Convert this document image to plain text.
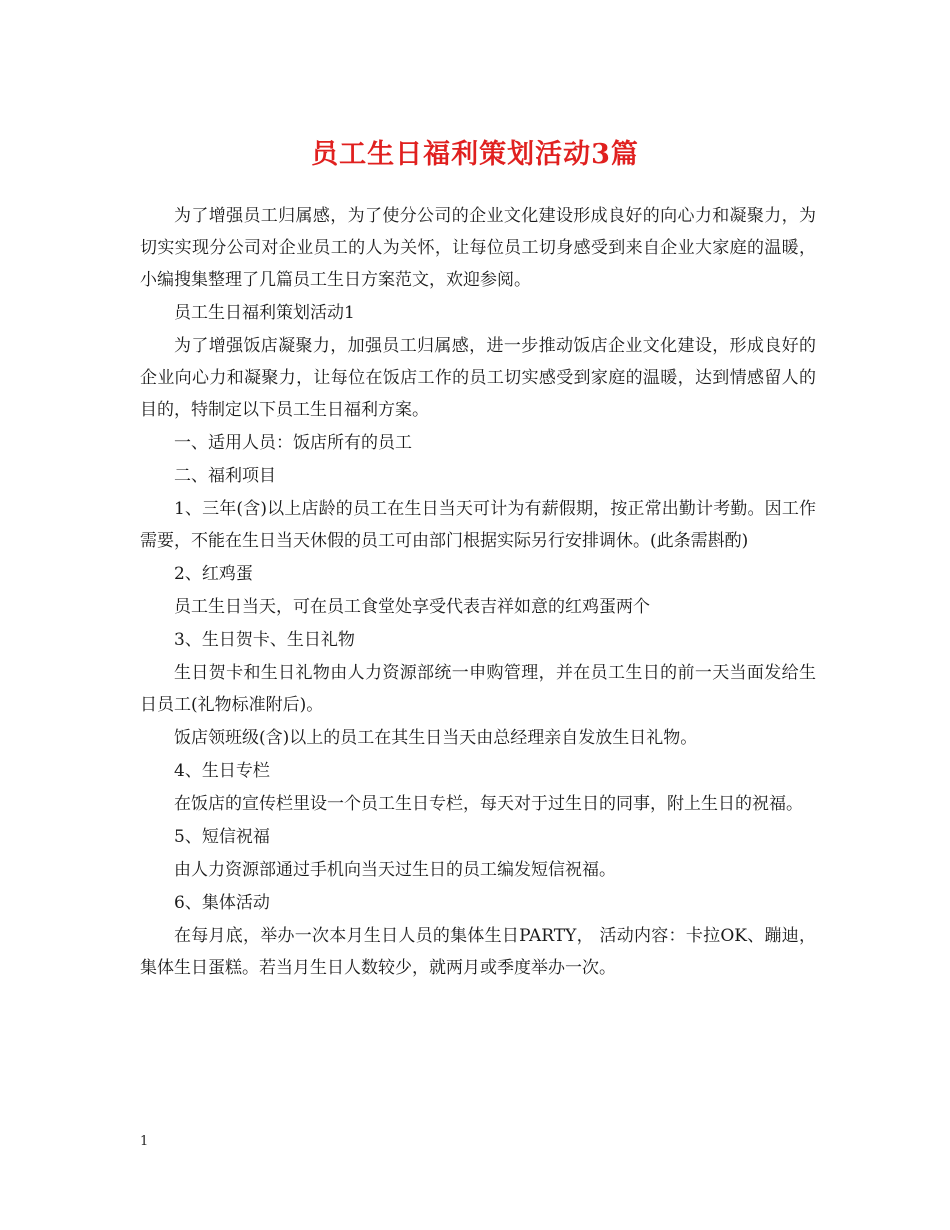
员工生日福利策划活动3篇

为了增强员工归属感，为了使分公司的企业文化建设形成良好的向心力和凝聚力，为切实实现分公司对企业员工的人为关怀，让每位员工切身感受到来自企业大家庭的温暖，小编搜集整理了几篇员工生日方案范文，欢迎参阅。

员工生日福利策划活动1

为了增强饭店凝聚力，加强员工归属感，进一步推动饭店企业文化建设，形成良好的企业向心力和凝聚力，让每位在饭店工作的员工切实感受到家庭的温暖，达到情感留人的目的，特制定以下员工生日福利方案。

一、适用人员：饭店所有的员工

二、福利项目

1、三年(含)以上店龄的员工在生日当天可计为有薪假期，按正常出勤计考勤。因工作需要，不能在生日当天休假的员工可由部门根据实际另行安排调休。(此条需斟酌)

2、红鸡蛋

员工生日当天，可在员工食堂处享受代表吉祥如意的红鸡蛋两个

3、生日贺卡、生日礼物

生日贺卡和生日礼物由人力资源部统一申购管理，并在员工生日的前一天当面发给生日员工(礼物标准附后)。

饭店领班级(含)以上的员工在其生日当天由总经理亲自发放生日礼物。

4、生日专栏

在饭店的宣传栏里设一个员工生日专栏，每天对于过生日的同事，附上生日的祝福。

5、短信祝福

由人力资源部通过手机向当天过生日的员工编发短信祝福。

6、集体活动

在每月底，举办一次本月生日人员的集体生日PARTY， 活动内容：卡拉OK、蹦迪，集体生日蛋糕。若当月生日人数较少，就两月或季度举办一次。

1
